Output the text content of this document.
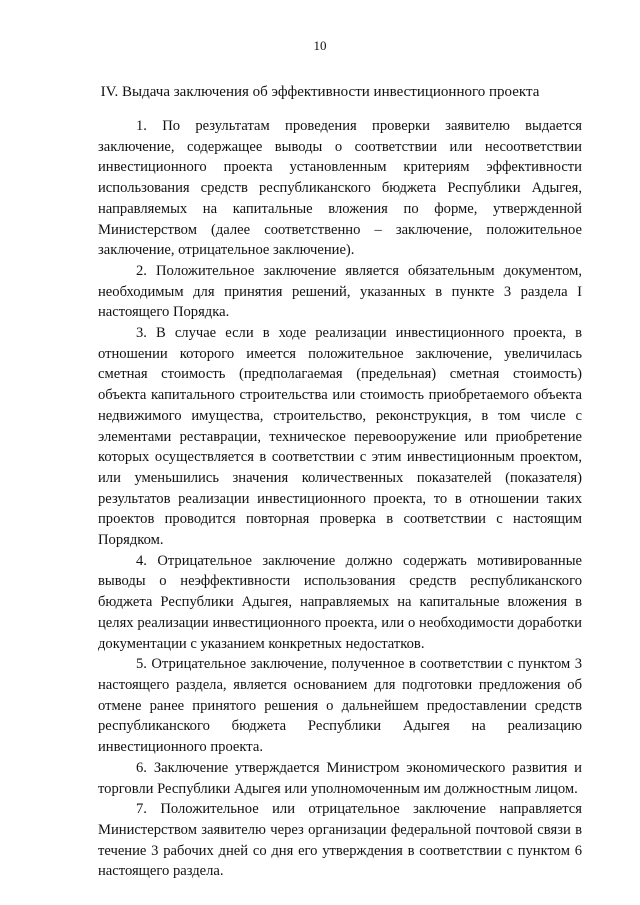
10
IV. Выдача заключения об эффективности инвестиционного проекта

1. По результатам проведения проверки заявителю выдается заключение, содержащее выводы о соответствии или несоответствии инвестиционного проекта установленным критериям эффективности использования средств республиканского бюджета Республики Адыгея, направляемых на капитальные вложения по форме, утвержденной Министерством (далее соответственно – заключение, положительное заключение, отрицательное заключение).

2. Положительное заключение является обязательным документом, необходимым для принятия решений, указанных в пункте 3 раздела I настоящего Порядка.

3. В случае если в ходе реализации инвестиционного проекта, в отношении которого имеется положительное заключение, увеличилась сметная стоимость (предполагаемая (предельная) сметная стоимость) объекта капитального строительства или стоимость приобретаемого объекта недвижимого имущества, строительство, реконструкция, в том числе с элементами реставрации, техническое перевооружение или приобретение которых осуществляется в соответствии с этим инвестиционным проектом, или уменьшились значения количественных показателей (показателя) результатов реализации инвестиционного проекта, то в отношении таких проектов проводится повторная проверка в соответствии с настоящим Порядком.

4. Отрицательное заключение должно содержать мотивированные выводы о неэффективности использования средств республиканского бюджета Республики Адыгея, направляемых на капитальные вложения в целях реализации инвестиционного проекта, или о необходимости доработки документации с указанием конкретных недостатков.

5. Отрицательное заключение, полученное в соответствии с пунктом 3 настоящего раздела, является основанием для подготовки предложения об отмене ранее принятого решения о дальнейшем предоставлении средств республиканского бюджета Республики Адыгея на реализацию инвестиционного проекта.

6. Заключение утверждается Министром экономического развития и торговли Республики Адыгея или уполномоченным им должностным лицом.

7. Положительное или отрицательное заключение направляется Министерством заявителю через организации федеральной почтовой связи в течение 3 рабочих дней со дня его утверждения в соответствии с пунктом 6 настоящего раздела.
